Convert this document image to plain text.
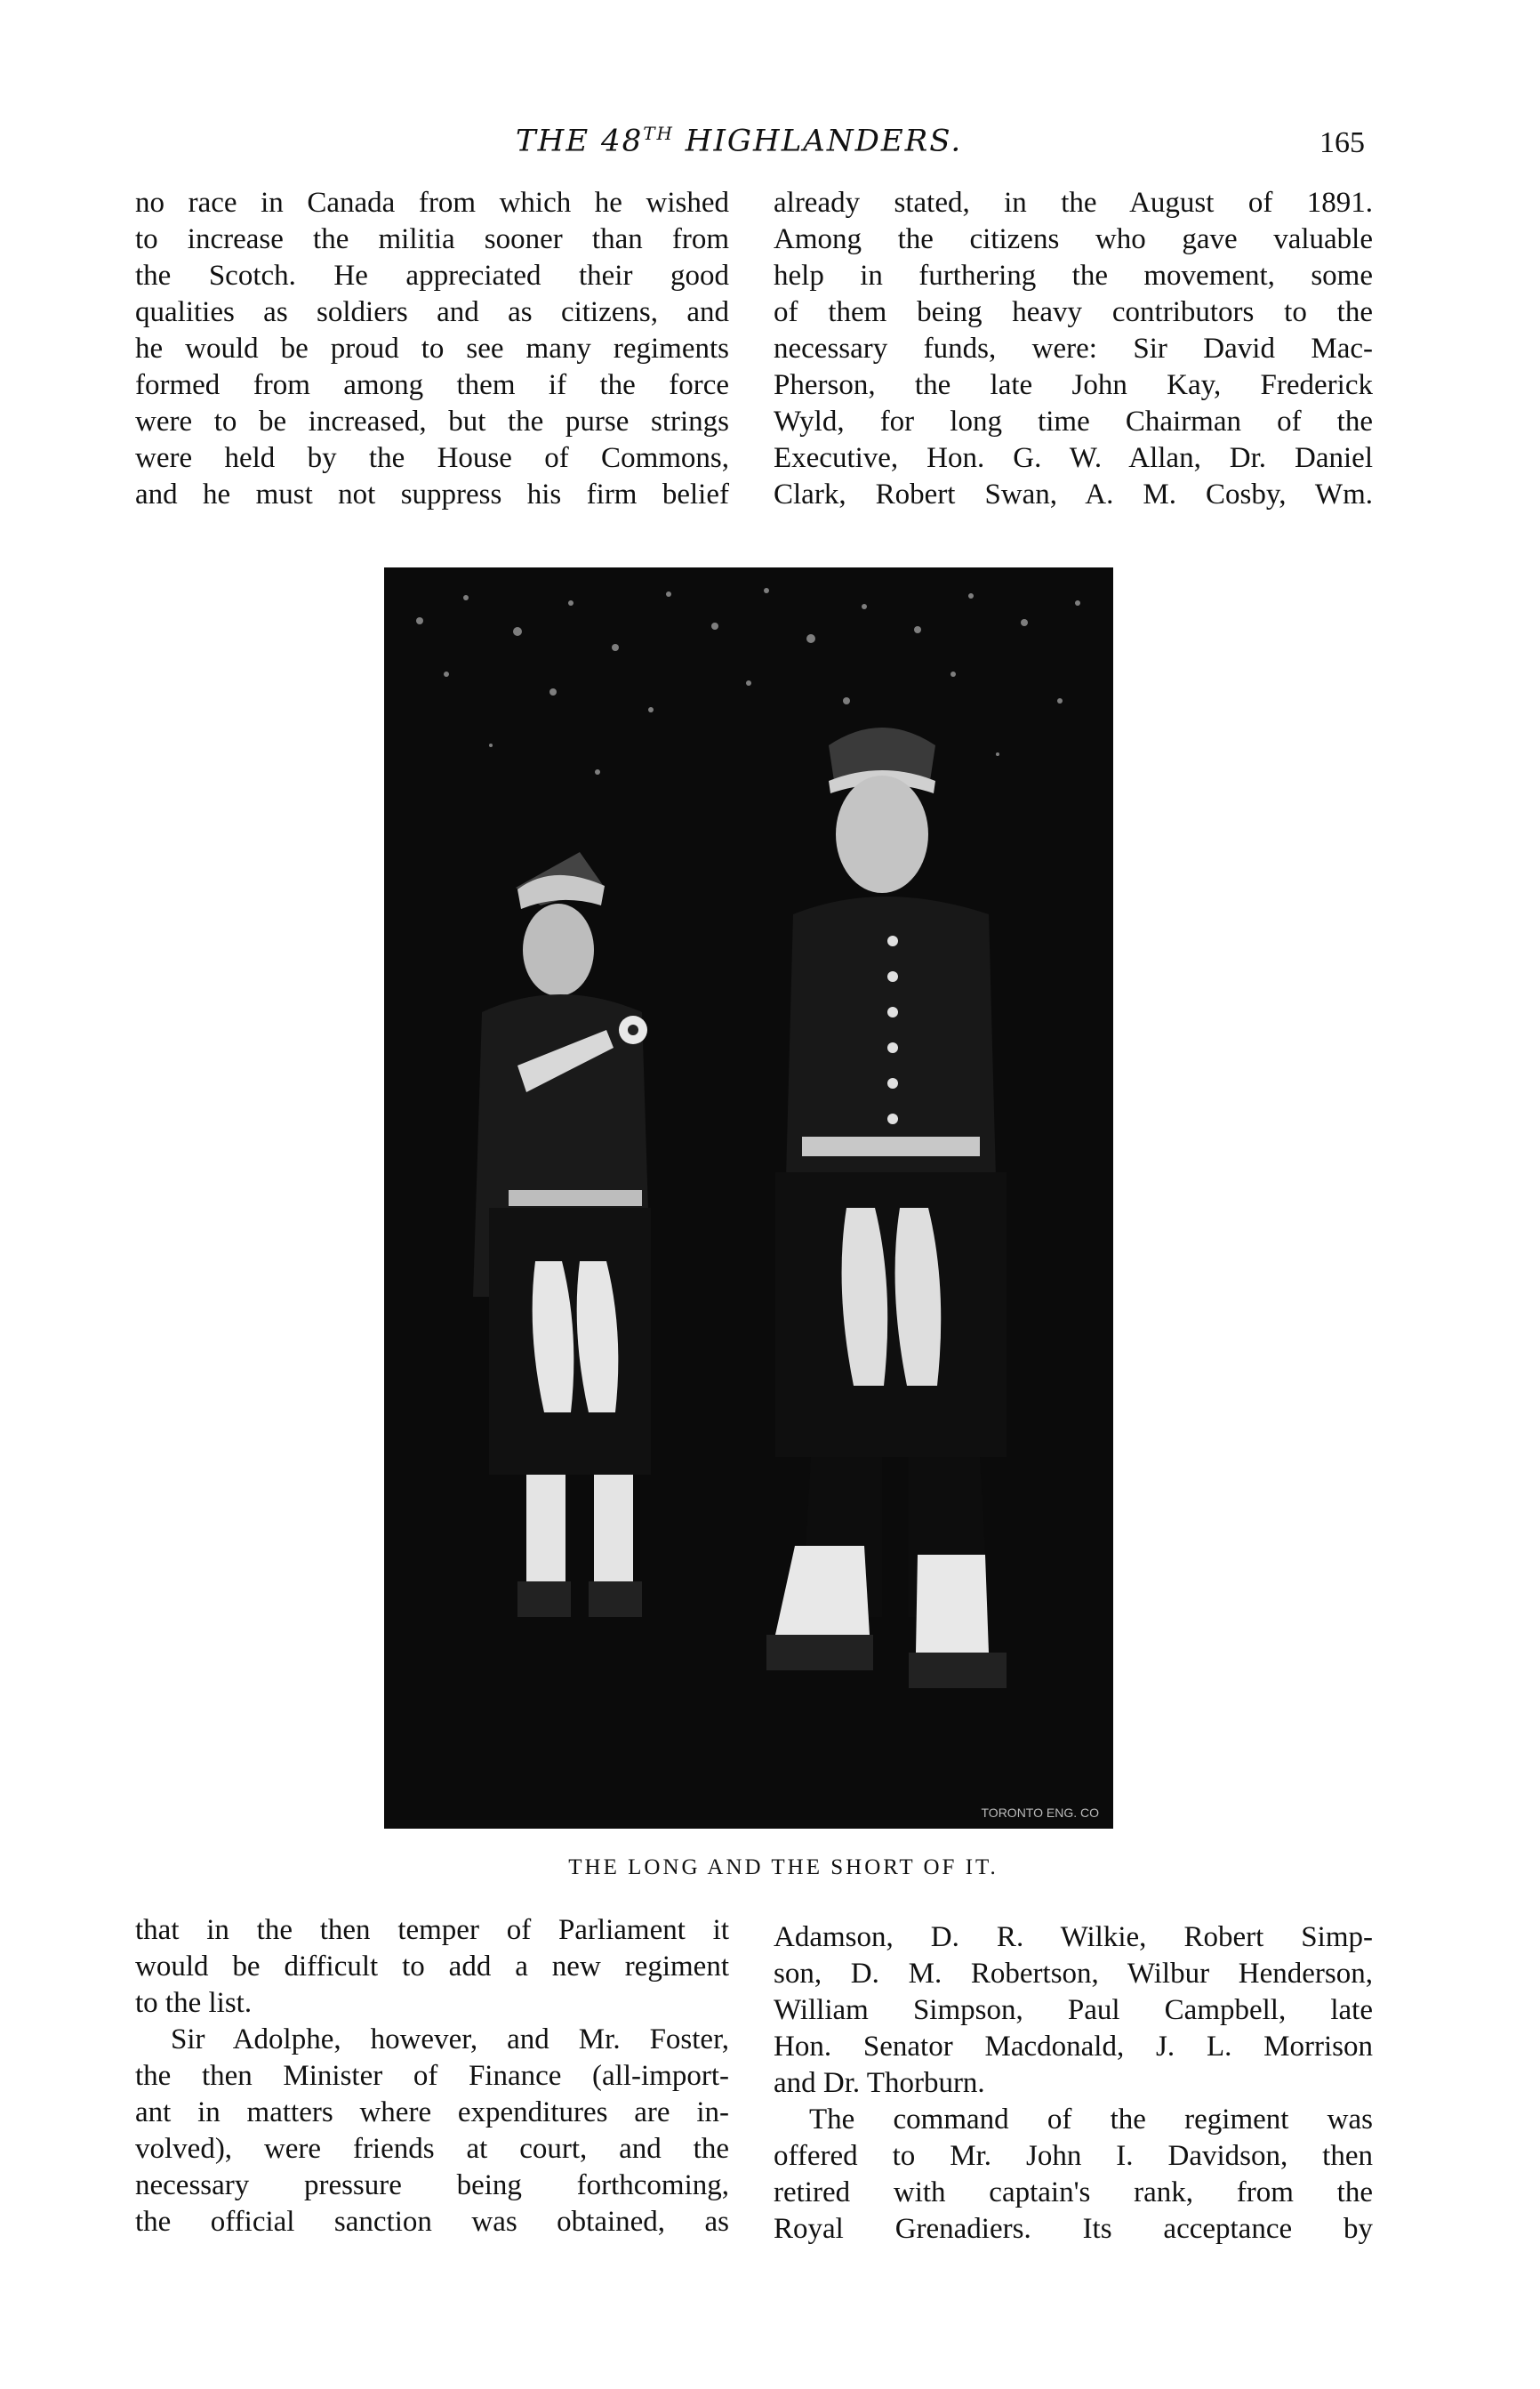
THE 48TH HIGHLANDERS.	165
no race in Canada from which he wished
to increase the militia sooner than from
the Scotch. He appreciated their good
qualities as soldiers and as citizens, and
he would be proud to see many regiments
formed from among them if the force
were to be increased, but the purse strings
were held by the House of Commons,
and he must not suppress his firm belief
already stated, in the August of 1891.
Among the citizens who gave valuable
help in furthering the movement, some
of them being heavy contributors to the
necessary funds, were: Sir David Mac-
Pherson, the late John Kay, Frederick
Wyld, for long time Chairman of the
Executive, Hon. G. W. Allan, Dr. Daniel
Clark, Robert Swan, A. M. Cosby, Wm.
TORONTO ENG. CO
THE LONG AND THE SHORT OF IT.
that in the then temper of Parliament it
would be difficult to add a new regiment
to the list.
Sir Adolphe, however, and Mr. Foster,
the then Minister of Finance (all-import-
ant in matters where expenditures are in-
volved), were friends at court, and the
necessary pressure being forthcoming,
the official sanction was obtained, as
Adamson, D. R. Wilkie, Robert Simp-
son, D. M. Robertson, Wilbur Henderson,
William Simpson, Paul Campbell, late
Hon. Senator Macdonald, J. L. Morrison
and Dr. Thorburn.
The command of the regiment was
offered to Mr. John I. Davidson, then
retired with captain's rank, from the
Royal Grenadiers. Its acceptance by
